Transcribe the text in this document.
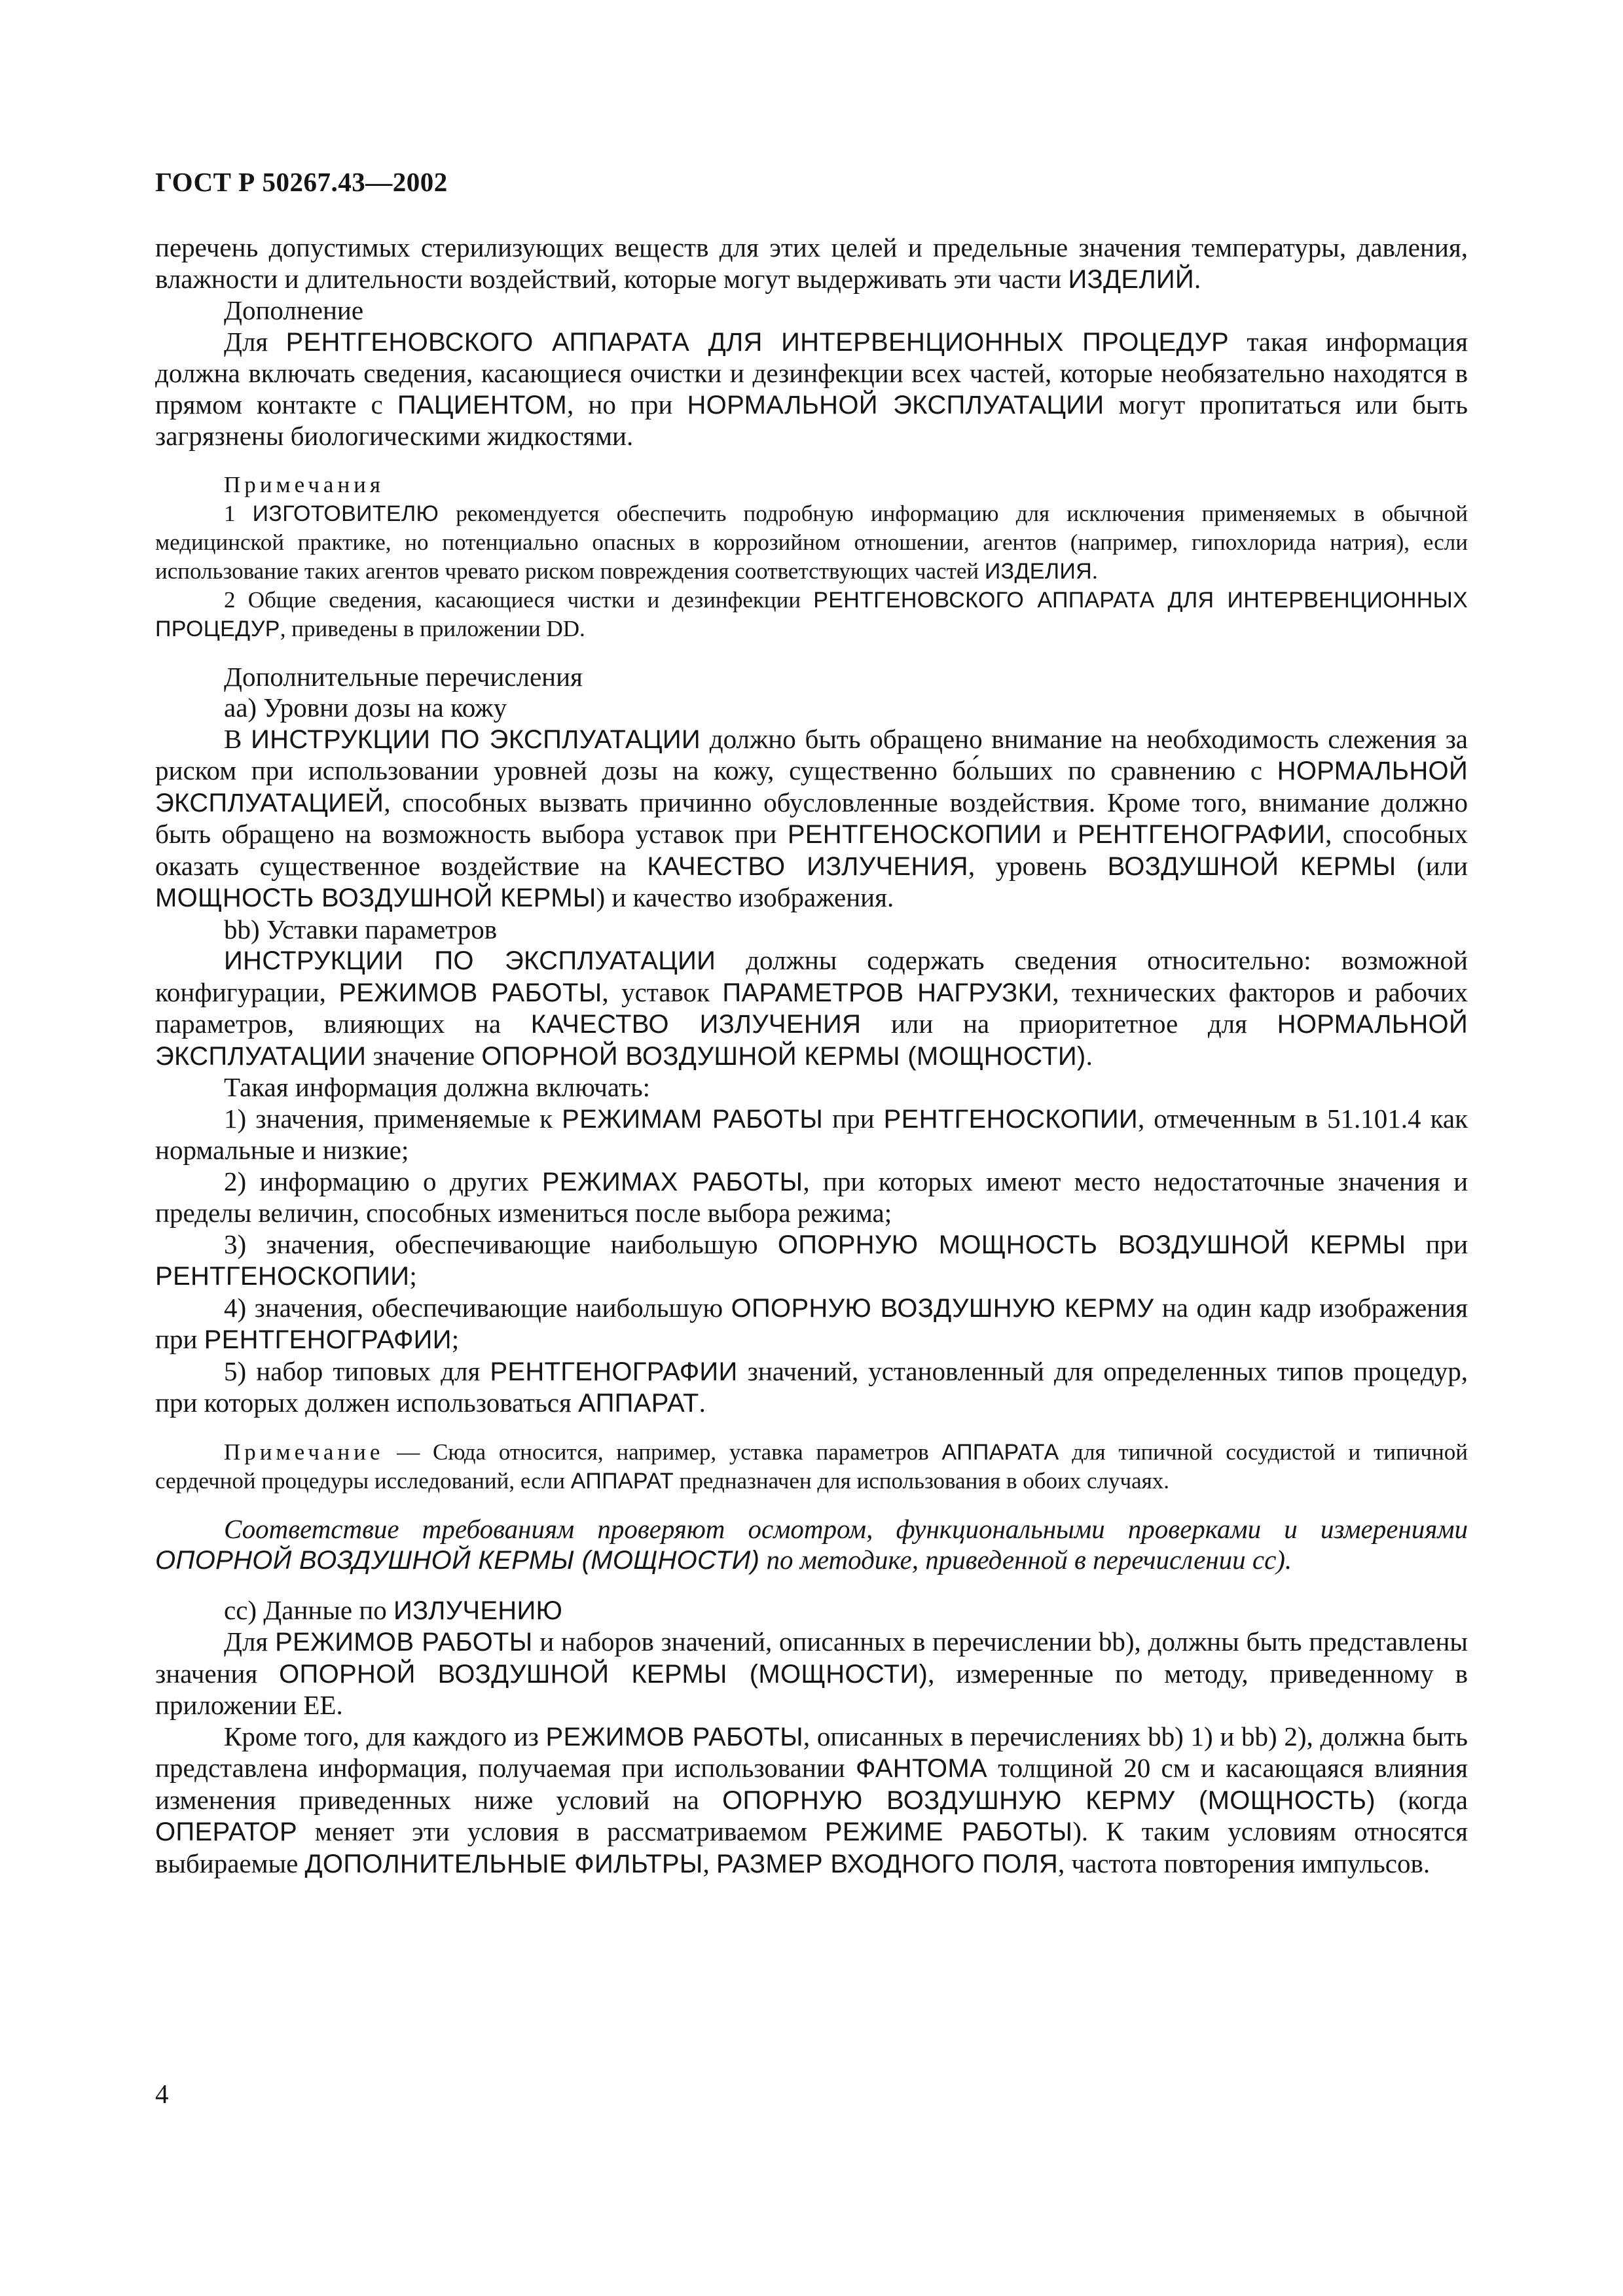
ГОСТ Р 50267.43—2002

перечень допустимых стерилизующих веществ для этих целей и предельные значения температуры, давления, влажности и длительности воздействий, которые могут выдерживать эти части ИЗДЕЛИЙ.

Дополнение

Для РЕНТГЕНОВСКОГО АППАРАТА ДЛЯ ИНТЕРВЕНЦИОННЫХ ПРОЦЕДУР такая информация должна включать сведения, касающиеся очистки и дезинфекции всех частей, которые необязательно находятся в прямом контакте с ПАЦИЕНТОМ, но при НОРМАЛЬНОЙ ЭКСПЛУАТАЦИИ могут пропитаться или быть загрязнены биологическими жидкостями.

Примечания

1 ИЗГОТОВИТЕЛЮ рекомендуется обеспечить подробную информацию для исключения применяемых в обычной медицинской практике, но потенциально опасных в коррозийном отношении, агентов (например, гипохлорида натрия), если использование таких агентов чревато риском повреждения соответствующих частей ИЗДЕЛИЯ.

2 Общие сведения, касающиеся чистки и дезинфекции РЕНТГЕНОВСКОГО АППАРАТА ДЛЯ ИНТЕРВЕНЦИОННЫХ ПРОЦЕДУР, приведены в приложении DD.

Дополнительные перечисления

аа) Уровни дозы на кожу

В ИНСТРУКЦИИ ПО ЭКСПЛУАТАЦИИ должно быть обращено внимание на необходимость слежения за риском при использовании уровней дозы на кожу, существенно бо́льших по сравнению с НОРМАЛЬНОЙ ЭКСПЛУАТАЦИЕЙ, способных вызвать причинно обусловленные воздействия. Кроме того, внимание должно быть обращено на возможность выбора уставок при РЕНТГЕНОСКОПИИ и РЕНТГЕНОГРАФИИ, способных оказать существенное воздействие на КАЧЕСТВО ИЗЛУЧЕНИЯ, уровень ВОЗДУШНОЙ КЕРМЫ (или МОЩНОСТЬ ВОЗДУШНОЙ КЕРМЫ) и качество изображения.

bb) Уставки параметров

ИНСТРУКЦИИ ПО ЭКСПЛУАТАЦИИ должны содержать сведения относительно: возможной конфигурации, РЕЖИМОВ РАБОТЫ, уставок ПАРАМЕТРОВ НАГРУЗКИ, технических факторов и рабочих параметров, влияющих на КАЧЕСТВО ИЗЛУЧЕНИЯ или на приоритетное для НОРМАЛЬНОЙ ЭКСПЛУАТАЦИИ значение ОПОРНОЙ ВОЗДУШНОЙ КЕРМЫ (МОЩНОСТИ).

Такая информация должна включать:

1) значения, применяемые к РЕЖИМАМ РАБОТЫ при РЕНТГЕНОСКОПИИ, отмеченным в 51.101.4 как нормальные и низкие;

2) информацию о других РЕЖИМАХ РАБОТЫ, при которых имеют место недостаточные значения и пределы величин, способных измениться после выбора режима;

3) значения, обеспечивающие наибольшую ОПОРНУЮ МОЩНОСТЬ ВОЗДУШНОЙ КЕРМЫ при РЕНТГЕНОСКОПИИ;

4) значения, обеспечивающие наибольшую ОПОРНУЮ ВОЗДУШНУЮ КЕРМУ на один кадр изображения при РЕНТГЕНОГРАФИИ;

5) набор типовых для РЕНТГЕНОГРАФИИ значений, установленный для определенных типов процедур, при которых должен использоваться АППАРАТ.

Примечание — Сюда относится, например, уставка параметров АППАРАТА для типичной сосудистой и типичной сердечной процедуры исследований, если АППАРАТ предназначен для использования в обоих случаях.

Соответствие требованиям проверяют осмотром, функциональными проверками и измерениями ОПОРНОЙ ВОЗДУШНОЙ КЕРМЫ (МОЩНОСТИ) по методике, приведенной в перечислении сс).

сс) Данные по ИЗЛУЧЕНИЮ

Для РЕЖИМОВ РАБОТЫ и наборов значений, описанных в перечислении bb), должны быть представлены значения ОПОРНОЙ ВОЗДУШНОЙ КЕРМЫ (МОЩНОСТИ), измеренные по методу, приведенному в приложении ЕЕ.

Кроме того, для каждого из РЕЖИМОВ РАБОТЫ, описанных в перечислениях bb) 1) и bb) 2), должна быть представлена информация, получаемая при использовании ФАНТОМА толщиной 20 см и касающаяся влияния изменения приведенных ниже условий на ОПОРНУЮ ВОЗДУШНУЮ КЕРМУ (МОЩНОСТЬ) (когда ОПЕРАТОР меняет эти условия в рассматриваемом РЕЖИМЕ РАБОТЫ). К таким условиям относятся выбираемые ДОПОЛНИТЕЛЬНЫЕ ФИЛЬТРЫ, РАЗМЕР ВХОДНОГО ПОЛЯ, частота повторения импульсов.

4
